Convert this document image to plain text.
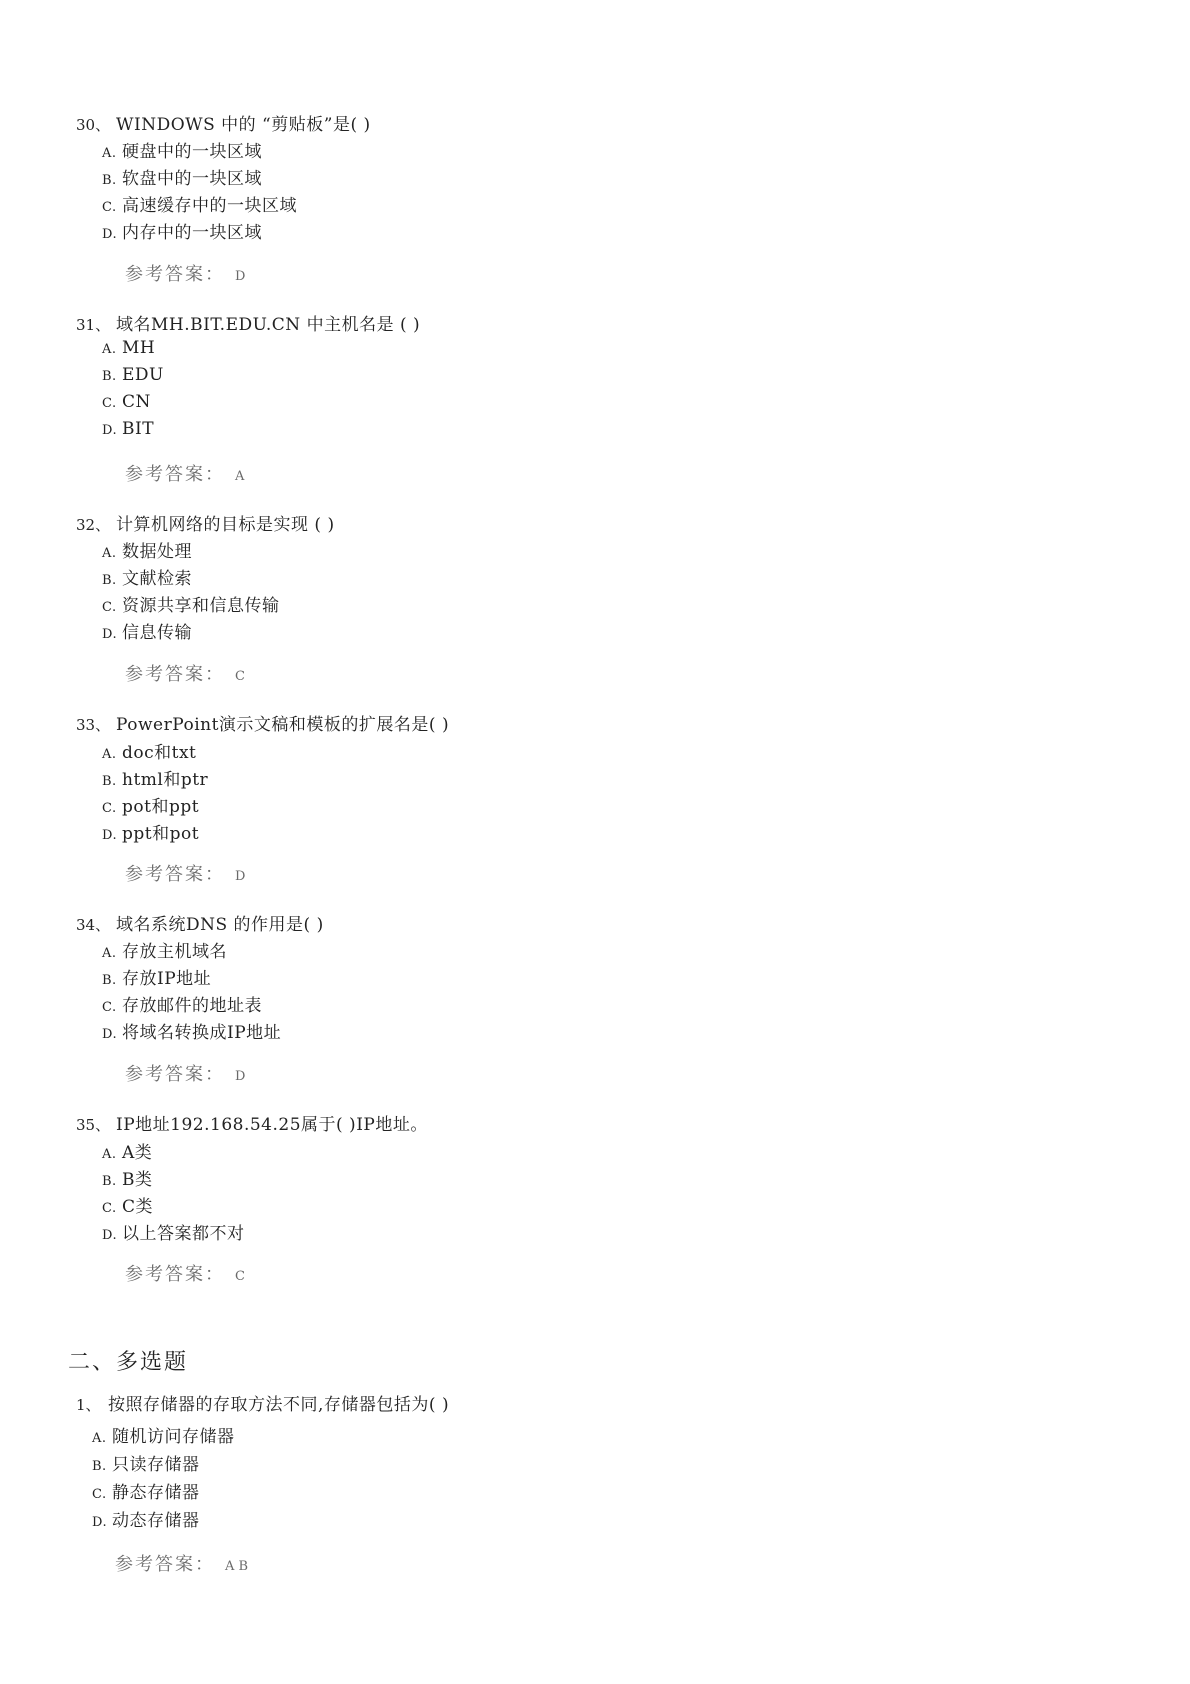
30、 WINDOWS 中的 “剪贴板”是( )
A. 硬盘中的一块区域
B. 软盘中的一块区域
C. 高速缓存中的一块区域
D. 内存中的一块区域
参考答案： D
31、 域名MH.BIT.EDU.CN 中主机名是 ( )
A. MH
B. EDU
C. CN
D. BIT
参考答案： A
32、 计算机网络的目标是实现 ( )
A. 数据处理
B. 文献检索
C. 资源共享和信息传输
D. 信息传输
参考答案： C
33、 PowerPoint演示文稿和模板的扩展名是( )
A. doc和txt
B. html和ptr
C. pot和ppt
D. ppt和pot
参考答案： D
34、 域名系统DNS 的作用是( )
A. 存放主机域名
B. 存放IP地址
C. 存放邮件的地址表
D. 将域名转换成IP地址
参考答案： D
35、 IP地址192.168.54.25属于( )IP地址。
A. A类
B. B类
C. C类
D. 以上答案都不对
参考答案： C
二、多选题
1、 按照存储器的存取方法不同,存储器包括为( )
A. 随机访问存储器
B. 只读存储器
C. 静态存储器
D. 动态存储器
参考答案： A B
